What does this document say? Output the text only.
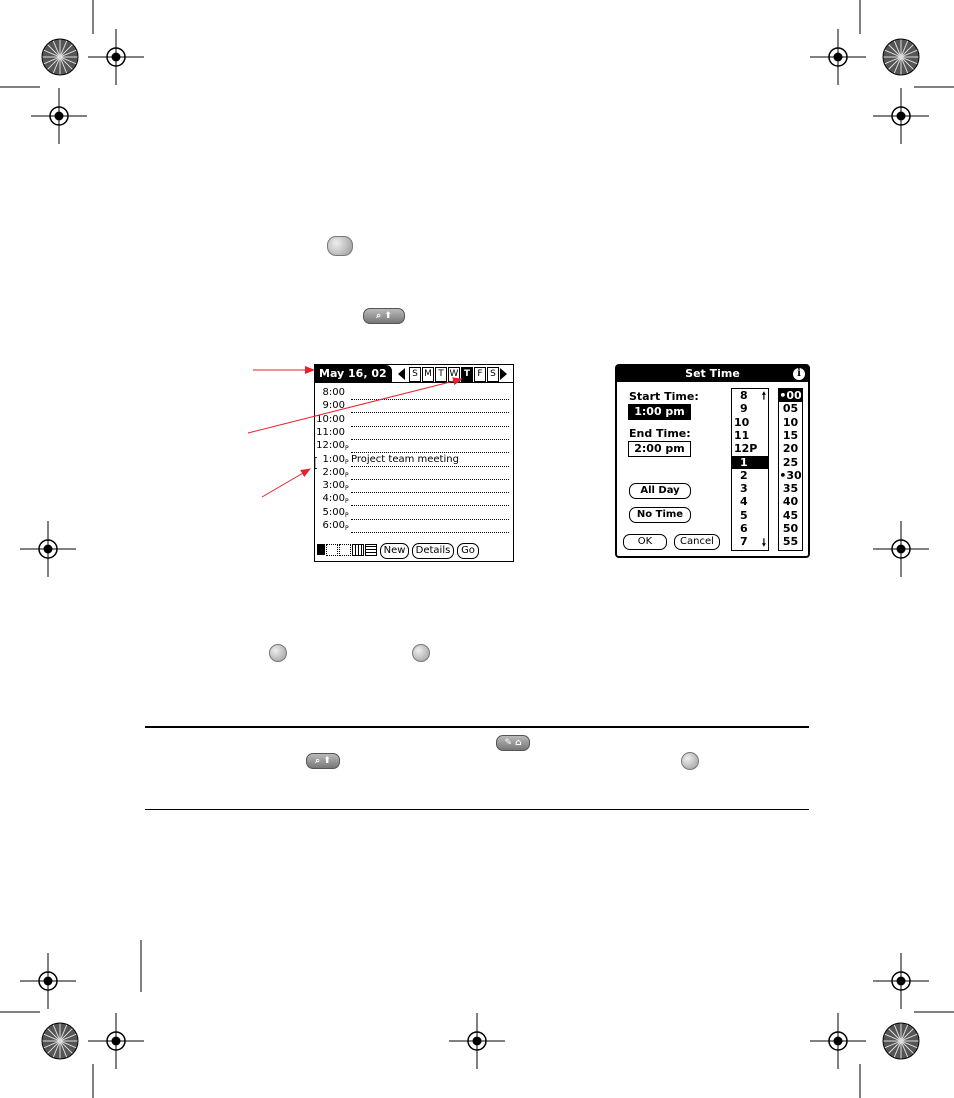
⌕ ⬆
✎ ⌂
⌕ ⬆
May 16, 02	S M T W T F S
8:00
9:00
10:00
11:00
12:00 P
1:00 P Project team meeting
2:00 P
3:00 P
4:00 P
5:00 P
6:00 P
New	Details	Go
[
Set Time	i
Start Time:
1:00 pm
End Time:
2:00 pm
All Day
No Time
OK	Cancel
8
9
10
11
12P
1
2
3
4
5
6
7
🠕
🠗
•00
05
10
15
20
25
•30
35
40
45
50
55
